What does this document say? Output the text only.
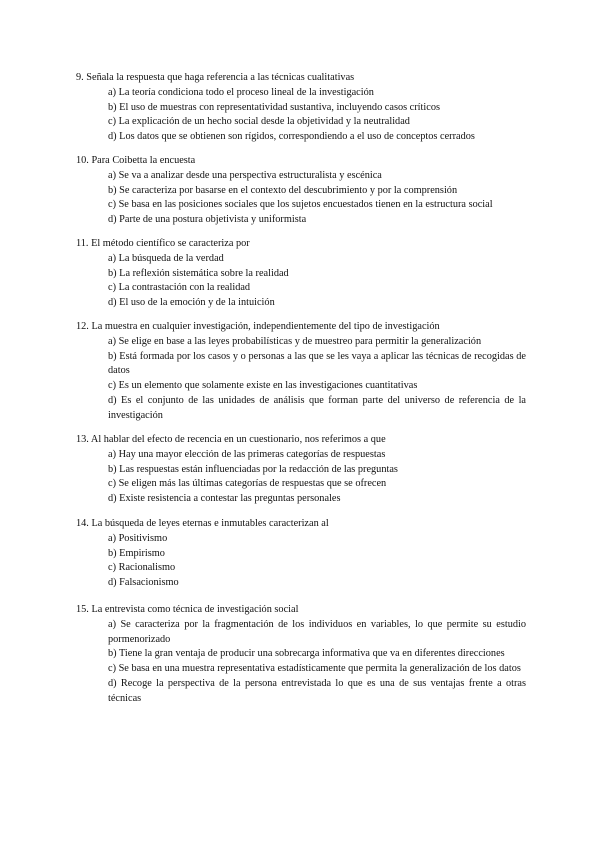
9. Señala la respuesta que haga referencia a las técnicas cualitativas
a) La teoría condiciona todo el proceso lineal de la investigación
b) El uso de muestras con representatividad sustantiva, incluyendo casos críticos
c) La explicación de un hecho social desde la objetividad y la neutralidad
d) Los datos que se obtienen son rígidos, correspondiendo a el uso de conceptos cerrados
10. Para Coibetta la encuesta
a) Se va a analizar desde una perspectiva estructuralista y escénica
b) Se caracteriza por basarse en el contexto del descubrimiento y por la comprensión
c) Se basa en las posiciones sociales que los sujetos encuestados tienen en la estructura social
d) Parte de una postura objetivista y uniformista
11. El método científico se caracteriza por
a) La búsqueda de la verdad
b) La reflexión sistemática sobre la realidad
c) La contrastación con la realidad
d) El uso de la emoción y de la intuición
12. La muestra en cualquier investigación, independientemente del tipo de investigación
a) Se elige en base a las leyes probabilísticas y de muestreo para permitir la generalización
b) Está formada por los casos y o personas a las que se les vaya a aplicar las técnicas de recogidas de datos
c) Es un elemento que solamente existe en las investigaciones cuantitativas
d) Es el conjunto de las unidades de análisis que forman parte del universo de referencia de la investigación
13. Al hablar del efecto de recencia en un cuestionario, nos referimos a que
a) Hay una mayor elección de las primeras categorías de respuestas
b) Las respuestas están influenciadas por la redacción de las preguntas
c) Se eligen más las últimas categorías de respuestas que se ofrecen
d) Existe resistencia a contestar las preguntas personales
14. La búsqueda de leyes eternas e inmutables caracterizan al
a) Positivismo
b) Empirismo
c) Racionalismo
d) Falsacionismo
15. La entrevista como técnica de investigación social
a) Se caracteriza por la fragmentación de los individuos en variables, lo que permite su estudio pormenorizado
b) Tiene la gran ventaja de producir una sobrecarga informativa que va en diferentes direcciones
c) Se basa en una muestra representativa estadísticamente que permita la generalización de los datos
d) Recoge la perspectiva de la persona entrevistada lo que es una de sus ventajas frente a otras técnicas
